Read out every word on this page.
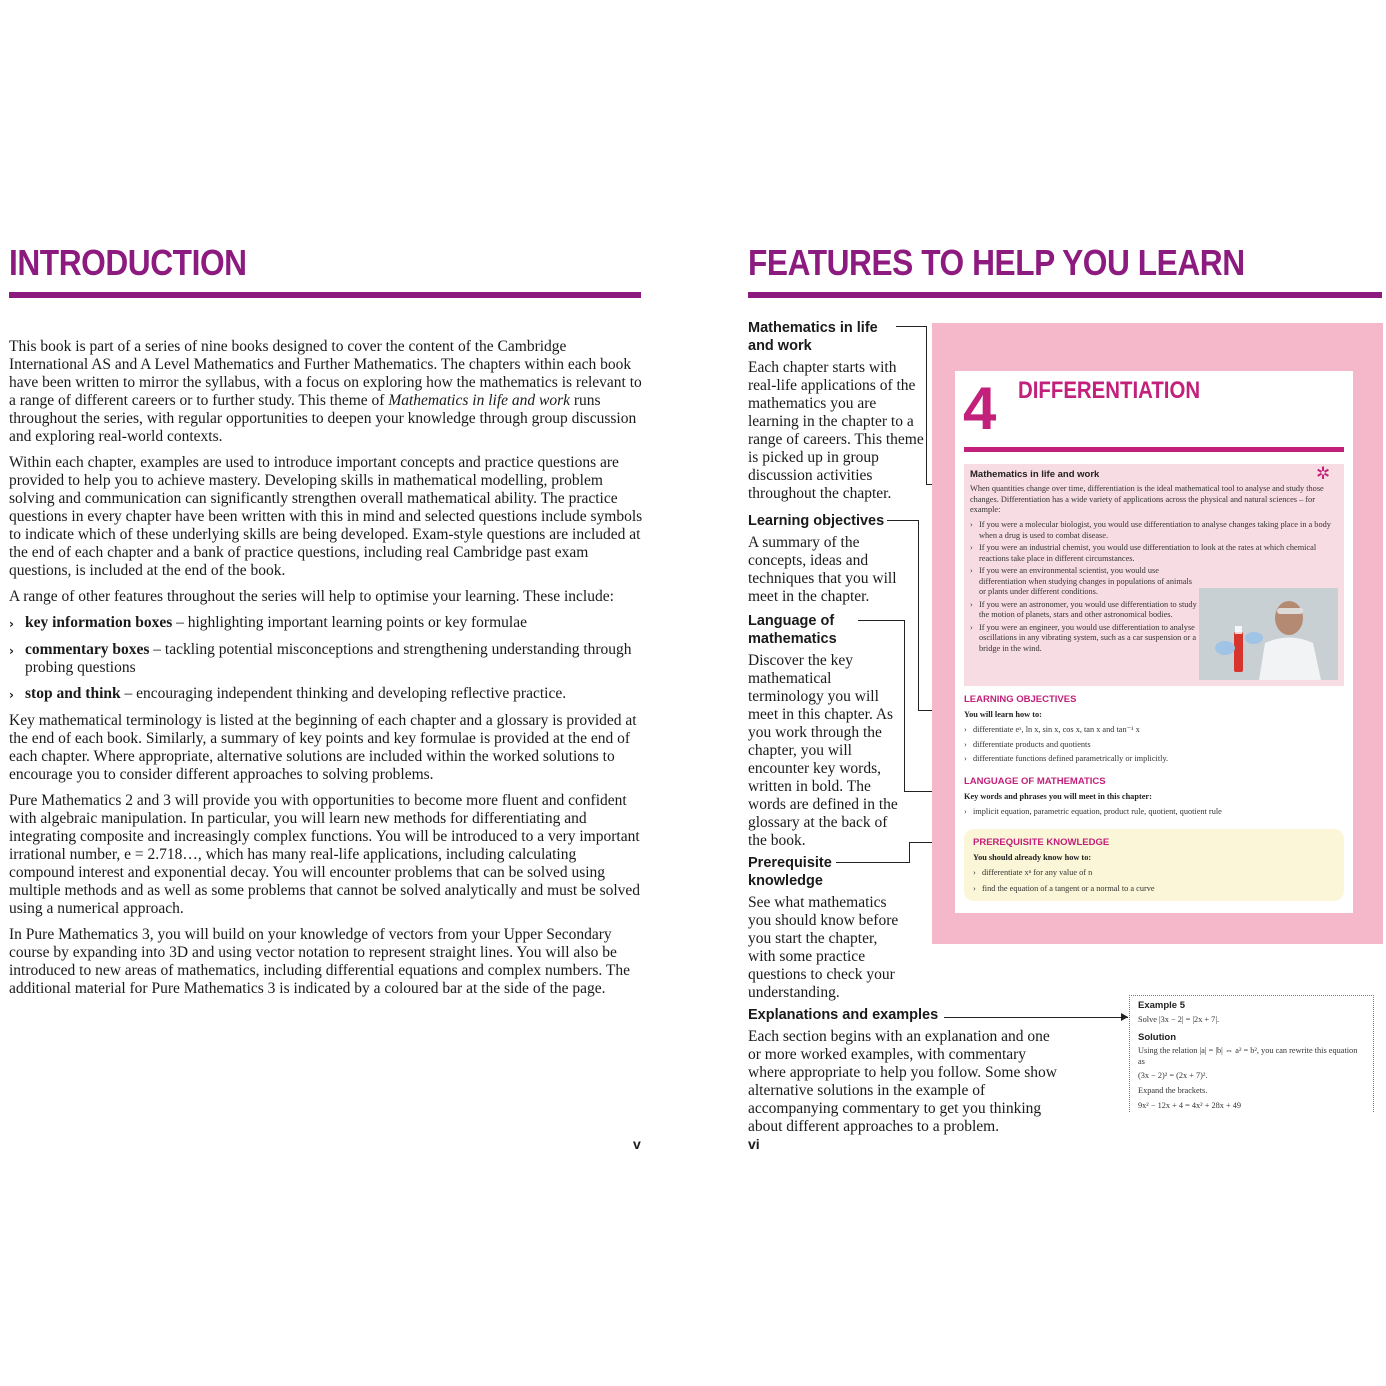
INTRODUCTION

This book is part of a series of nine books designed to cover the content of the Cambridge International AS and A Level Mathematics and Further Mathematics. The chapters within each book have been written to mirror the syllabus, with a focus on exploring how the mathematics is relevant to a range of different careers or to further study. This theme of Mathematics in life and work runs throughout the series, with regular opportunities to deepen your knowledge through group discussion and exploring real-world contexts.

Within each chapter, examples are used to introduce important concepts and practice questions are provided to help you to achieve mastery. Developing skills in mathematical modelling, problem solving and communication can significantly strengthen overall mathematical ability. The practice questions in every chapter have been written with this in mind and selected questions include symbols to indicate which of these underlying skills are being developed. Exam-style questions are included at the end of each chapter and a bank of practice questions, including real Cambridge past exam questions, is included at the end of the book.

A range of other features throughout the series will help to optimise your learning. These include:

› key information boxes – highlighting important learning points or key formulae
› commentary boxes – tackling potential misconceptions and strengthening understanding through probing questions
› stop and think – encouraging independent thinking and developing reflective practice.

Key mathematical terminology is listed at the beginning of each chapter and a glossary is provided at the end of each book. Similarly, a summary of key points and key formulae is provided at the end of each chapter. Where appropriate, alternative solutions are included within the worked solutions to encourage you to consider different approaches to solving problems.

Pure Mathematics 2 and 3 will provide you with opportunities to become more fluent and confident with algebraic manipulation. In particular, you will learn new methods for differentiating and integrating composite and increasingly complex functions. You will be introduced to a very important irrational number, e = 2.718…, which has many real-life applications, including calculating compound interest and exponential decay. You will encounter problems that can be solved using multiple methods and as well as some problems that cannot be solved analytically and must be solved using a numerical approach.

In Pure Mathematics 3, you will build on your knowledge of vectors from your Upper Secondary course by expanding into 3D and using vector notation to represent straight lines. You will also be introduced to new areas of mathematics, including differential equations and complex numbers. The additional material for Pure Mathematics 3 is indicated by a coloured bar at the side of the page.

v
FEATURES TO HELP YOU LEARN
Mathematics in life and work
Each chapter starts with real-life applications of the mathematics you are learning in the chapter to a range of careers. This theme is picked up in group discussion activities throughout the chapter.
Learning objectives
A summary of the concepts, ideas and techniques that you will meet in the chapter.
Language of mathematics
Discover the key mathematical terminology you will meet in this chapter. As you work through the chapter, you will encounter key words, written in bold. The words are defined in the glossary at the back of the book.
Prerequisite knowledge
See what mathematics you should know before you start the chapter, with some practice questions to check your understanding.
Explanations and examples
Each section begins with an explanation and one or more worked examples, with commentary where appropriate to help you follow. Some show alternative solutions in the example of accompanying commentary to get you thinking about different approaches to a problem.
vi
4 DIFFERENTIATION
Mathematics in life and work	✲
When quantities change over time, differentiation is the ideal mathematical tool to analyse and study those changes. Differentiation has a wide variety of applications across the physical and natural sciences – for example:
› If you were a molecular biologist, you would use differentiation to analyse changes taking place in a body when a drug is used to combat disease.
› If you were an industrial chemist, you would use differentiation to look at the rates at which chemical reactions take place in different circumstances.
› If you were an environmental scientist, you would use differentiation when studying changes in populations of animals or plants under different conditions.
› If you were an astronomer, you would use differentiation to study the motion of planets, stars and other astronomical bodies.
› If you were an engineer, you would use differentiation to analyse oscillations in any vibrating system, such as a car suspension or a bridge in the wind.
LEARNING OBJECTIVES
You will learn how to:
› differentiate eˣ, ln x, sin x, cos x, tan x and tan⁻¹ x
› differentiate products and quotients
› differentiate functions defined parametrically or implicitly.
LANGUAGE OF MATHEMATICS
Key words and phrases you will meet in this chapter:
› implicit equation, parametric equation, product rule, quotient, quotient rule
PREREQUISITE KNOWLEDGE
You should already know how to:
› differentiate xⁿ for any value of n
› find the equation of a tangent or a normal to a curve
Example 5
Solve |3x − 2| = |2x + 7|.
Solution
Using the relation |a| = |b| ⇔ a² = b², you can rewrite this equation as
(3x − 2)² = (2x + 7)².
Expand the brackets.
9x² − 12x + 4 = 4x² + 28x + 49
